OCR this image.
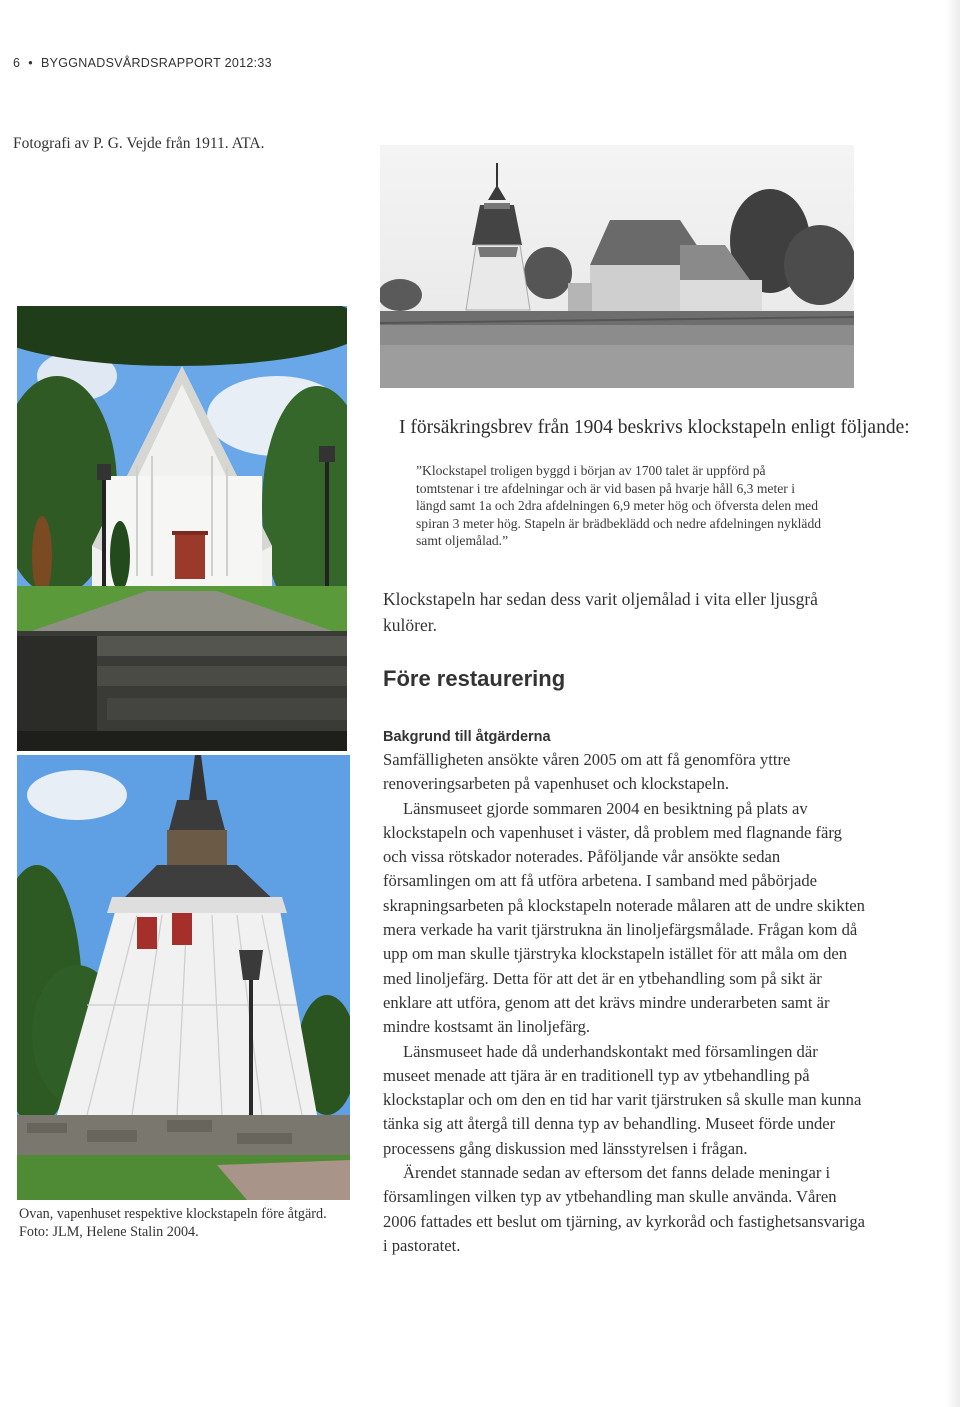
6 • BYGGNADSVÅRDSRAPPORT 2012:33
Fotografi av P. G. Vejde från 1911. ATA.
I försäkringsbrev från 1904 beskrivs klockstapeln enligt följande:
”Klockstapel troligen byggd i början av 1700 talet är uppförd på tomtstenar i tre afdelningar och är vid basen på hvarje håll 6,3 meter i längd samt 1a och 2dra afdelningen 6,9 meter hög och öfversta delen med spiran 3 meter hög. Stapeln är brädbeklädd och nedre afdelningen nyklädd samt oljemålad.”
Klockstapeln har sedan dess varit oljemålad i vita eller ljusgrå kulörer.
Före restaurering
Bakgrund till åtgärderna

Samfälligheten ansökte våren 2005 om att få genomföra yttre renoveringsarbeten på vapenhuset och klockstapeln.

Länsmuseet gjorde sommaren 2004 en besiktning på plats av klockstapeln och vapenhuset i väster, då problem med flagnande färg och vissa rötskador noterades. Påföljande vår ansökte sedan församlingen om att få utföra arbetena. I samband med påbörjade skrapningsarbeten på klockstapeln noterade målaren att de undre skikten mera verkade ha varit tjärstrukna än linoljefärgsmålade. Frågan kom då upp om man skulle tjärstryka klockstapeln istället för att måla om den med linoljefärg. Detta för att det är en ytbehandling som på sikt är enklare att utföra, genom att det krävs mindre underarbeten samt är mindre kostsamt än linoljefärg.

Länsmuseet hade då underhandskontakt med församlingen där museet menade att tjära är en traditionell typ av ytbehandling på klockstaplar och om den en tid har varit tjärstruken så skulle man kunna tänka sig att återgå till denna typ av behandling. Museet förde under processens gång diskussion med länsstyrelsen i frågan.

Ärendet stannade sedan av eftersom det fanns delade meningar i församlingen vilken typ av ytbehandling man skulle använda. Våren 2006 fattades ett beslut om tjärning, av kyrkoråd och fastighetsansvariga i pastoratet.

Ovan, vapenhuset respektive klockstapeln före åtgärd.
Foto: JLM, Helene Stalin 2004.
